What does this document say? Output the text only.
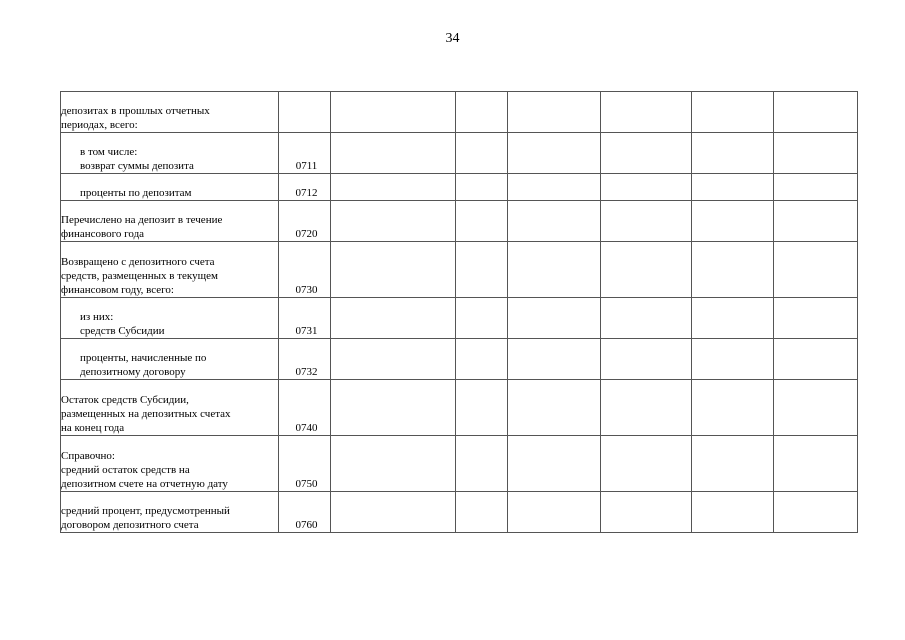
34
депозитах в прошлых отчетных
периодах, всего:							

в том числе:
возврат суммы депозита	0711						

проценты по депозитам	0712						

Перечислено на депозит в течение
финансового года	0720						

Возвращено с депозитного счета
средств, размещенных в текущем
финансовом году, всего:	0730						

из них:
средств Субсидии	0731						

проценты, начисленные по
депозитному договору	0732						

Остаток средств Субсидии,
размещенных на депозитных счетах
на конец года	0740						

Справочно:
средний остаток средств на
депозитном счете на отчетную дату	0750						

средний процент, предусмотренный
договором депозитного счета	0760						
